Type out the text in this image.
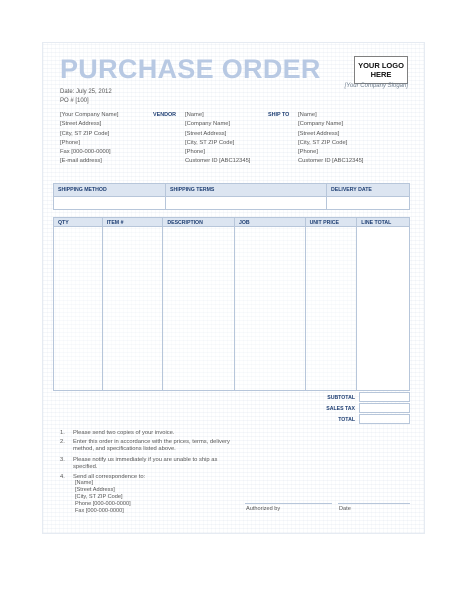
PURCHASE ORDER	YOUR LOGO
HERE
[Your Company Slogan]
Date: July 25, 2012
PO # [100]
[Your Company Name]
[Street Address]
[City, ST ZIP Code]
[Phone]
Fax [000-000-0000]
[E-mail address]
VENDOR [Name]
[Company Name]
[Street Address]
[City, ST ZIP Code]
[Phone]
Customer ID [ABC12345]
SHIP TO [Name]
[Company Name]
[Street Address]
[City, ST ZIP Code]
[Phone]
Customer ID [ABC12345]
SHIPPING METHOD	SHIPPING TERMS	DELIVERY DATE

QTY	ITEM #	DESCRIPTION	JOB	UNIT PRICE	LINE TOTAL
SUBTOTAL
SALES TAX
TOTAL
1. Please send two copies of your invoice.
2. Enter this order in accordance with the prices, terms, delivery method, and specifications listed above.
3. Please notify us immediately if you are unable to ship as specified.
4. Send all correspondence to:
[Name]
[Street Address]
[City, ST ZIP Code]
Phone [000-000-0000]
Fax [000-000-0000]	Authorized by	Date
